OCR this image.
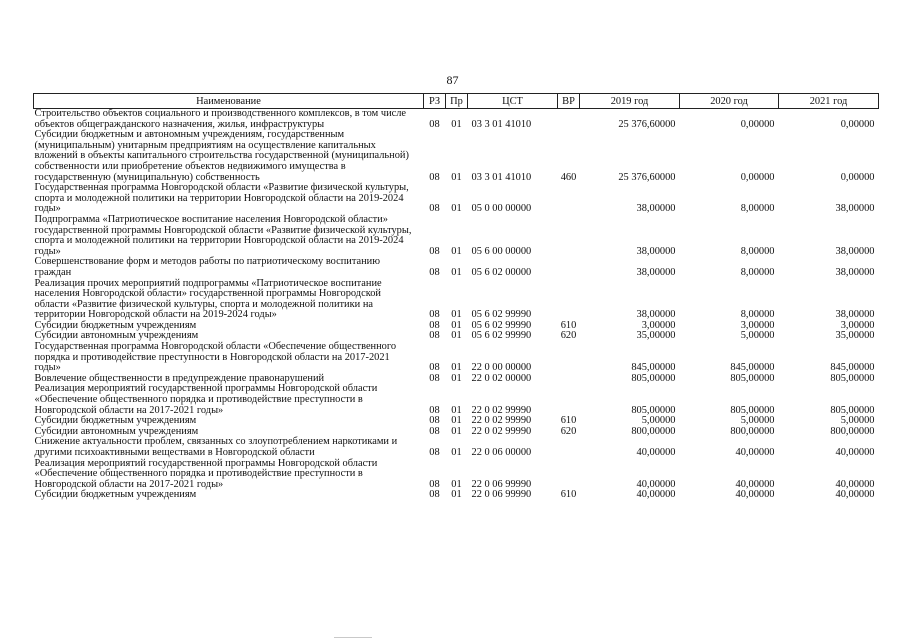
87
Наименование	РЗ	Пр	ЦСТ	ВР	2019 год	2020 год	2021 год
Строительство объектов социального и производственного комплексов, в том числе объектов общегражданского назначения, жилья, инфраструктуры	08	01	03 3 01 41010		25 376,60000	0,00000	0,00000
Субсидии бюджетным и автономным учреждениям, государственным (муниципальным) унитарным предприятиям на осуществление капитальных вложений в объекты капитального строительства государственной (муниципальной) собственности или приобретение объектов недвижимого имущества в государственную (муниципальную) собственность	08	01	03 3 01 41010	460	25 376,60000	0,00000	0,00000
Государственная программа Новгородской области «Развитие физической культуры, спорта и молодежной политики на территории Новгородской области на 2019-2024 годы»	08	01	05 0 00 00000		38,00000	8,00000	38,00000
Подпрограмма «Патриотическое воспитание населения Новгородской области» государственной программы Новгородской области «Развитие физической культуры, спорта и молодежной политики на территории Новгородской области на 2019-2024 годы»	08	01	05 6 00 00000		38,00000	8,00000	38,00000
Совершенствование форм и методов работы по патриотическому воспитанию граждан	08	01	05 6 02 00000		38,00000	8,00000	38,00000
Реализация прочих мероприятий подпрограммы «Патриотическое воспитание населения Новгородской области» государственной программы Новгородской области «Развитие физической культуры, спорта и молодежной политики на территории Новгородской области на 2019-2024 годы»	08	01	05 6 02 99990		38,00000	8,00000	38,00000
Субсидии бюджетным учреждениям	08	01	05 6 02 99990	610	3,00000	3,00000	3,00000
Субсидии автономным учреждениям	08	01	05 6 02 99990	620	35,00000	5,00000	35,00000
Государственная программа Новгородской области «Обеспечение общественного порядка и противодействие преступности в Новгородской области на 2017-2021 годы»	08	01	22 0 00 00000		845,00000	845,00000	845,00000
Вовлечение общественности в предупреждение правонарушений	08	01	22 0 02 00000		805,00000	805,00000	805,00000
Реализация мероприятий государственной программы Новгородской области «Обеспечение общественного порядка и противодействие преступности в Новгородской области на 2017-2021 годы»	08	01	22 0 02 99990		805,00000	805,00000	805,00000
Субсидии бюджетным учреждениям	08	01	22 0 02 99990	610	5,00000	5,00000	5,00000
Субсидии автономным учреждениям	08	01	22 0 02 99990	620	800,00000	800,00000	800,00000
Снижение актуальности проблем, связанных со злоупотреблением наркотиками и другими психоактивными веществами в Новгородской области	08	01	22 0 06 00000		40,00000	40,00000	40,00000
Реализация мероприятий государственной программы Новгородской области «Обеспечение общественного порядка и противодействие преступности в Новгородской области на 2017-2021 годы»	08	01	22 0 06 99990		40,00000	40,00000	40,00000
Субсидии бюджетным учреждениям	08	01	22 0 06 99990	610	40,00000	40,00000	40,00000
